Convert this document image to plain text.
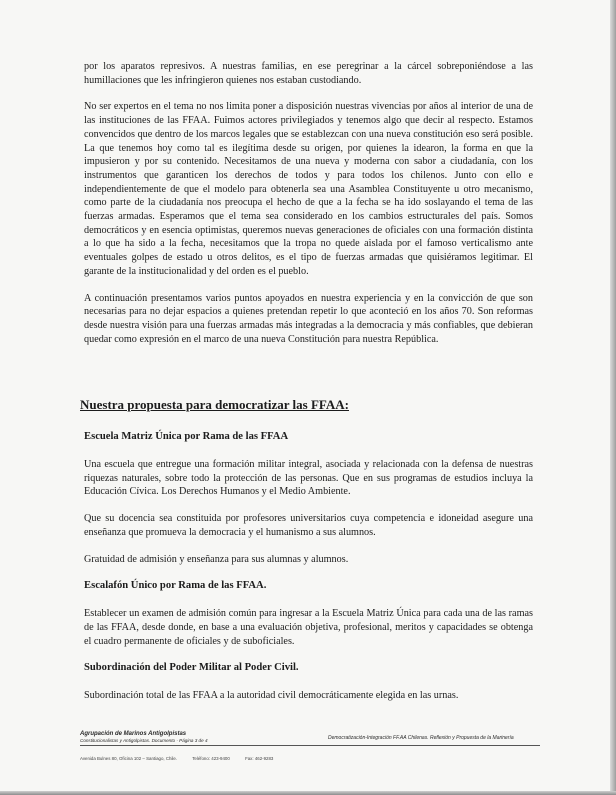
por los aparatos represivos. A nuestras familias, en ese peregrinar a la cárcel sobreponiéndose a las humillaciones que les infringieron quienes nos estaban custodiando.

No ser expertos en el tema no nos limita poner a disposición nuestras vivencias por años al interior de una de las instituciones de las FFAA. Fuimos actores privilegiados y tenemos algo que decir al respecto. Estamos convencidos que dentro de los marcos legales que se establezcan con una nueva constitución eso será posible. La que tenemos hoy como tal es ilegítima desde su origen, por quienes la idearon, la forma en que la impusieron y por su contenido. Necesitamos de una nueva y moderna con sabor a ciudadanía, con los instrumentos que garanticen los derechos de todos y para todos los chilenos. Junto con ello e independientemente de que el modelo para obtenerla sea una Asamblea Constituyente u otro mecanismo, como parte de la ciudadanía nos preocupa el hecho de que a la fecha se ha ido soslayando el tema de las fuerzas armadas. Esperamos que el tema sea considerado en los cambios estructurales del país. Somos democráticos y en esencia optimistas, queremos nuevas generaciones de oficiales con una formación distinta a lo que ha sido a la fecha, necesitamos que la tropa no quede aislada por el famoso verticalismo ante eventuales golpes de estado u otros delitos, es el tipo de fuerzas armadas que quisiéramos legitimar. El garante de la institucionalidad y del orden es el pueblo.

A continuación presentamos varios puntos apoyados en nuestra experiencia y en la convicción de que son necesarias para no dejar espacios a quienes pretendan repetir lo que aconteció en los años 70. Son reformas desde nuestra visión para una fuerzas armadas más integradas a la democracia y más confiables, que debieran quedar como expresión en el marco de una nueva Constitución para nuestra República.

Nuestra propuesta para democratizar las FFAA:

Escuela Matriz Única por Rama de las FFAA

Una escuela que entregue una formación militar integral, asociada y relacionada con la defensa de nuestras riquezas naturales, sobre todo la protección de las personas. Que en sus programas de estudios incluya la Educación Cívica. Los Derechos Humanos y el Medio Ambiente.

Que su docencia sea constituida por profesores universitarios cuya competencia e idoneidad asegure una enseñanza que promueva la democracia y el humanismo a sus alumnos.

Gratuidad de admisión y enseñanza para sus alumnas y alumnos.

Escalafón Único por Rama de las FFAA.

Establecer un examen de admisión común para ingresar a la Escuela Matriz Única para cada una de las ramas de las FFAA, desde donde, en base a una evaluación objetiva, profesional, meritos y capacidades se obtenga el cuadro permanente de oficiales y de suboficiales.

Subordinación del Poder Militar al Poder Civil.

Subordinación total de las FFAA a la autoridad civil democráticamente elegida en las urnas.

Agrupación de Marinos Antigolpistas
Constitucionalistas y Antigolpistas. Documento · Página 3 de 4	Democratización-Integración FF.AA Chilenas. Reflexión y Propuesta de la Marinería
Avenida Bulnes 80, Oficina 102 – Santiago, Chile.	Teléfono: 423-9400	Fax: 462-9283
